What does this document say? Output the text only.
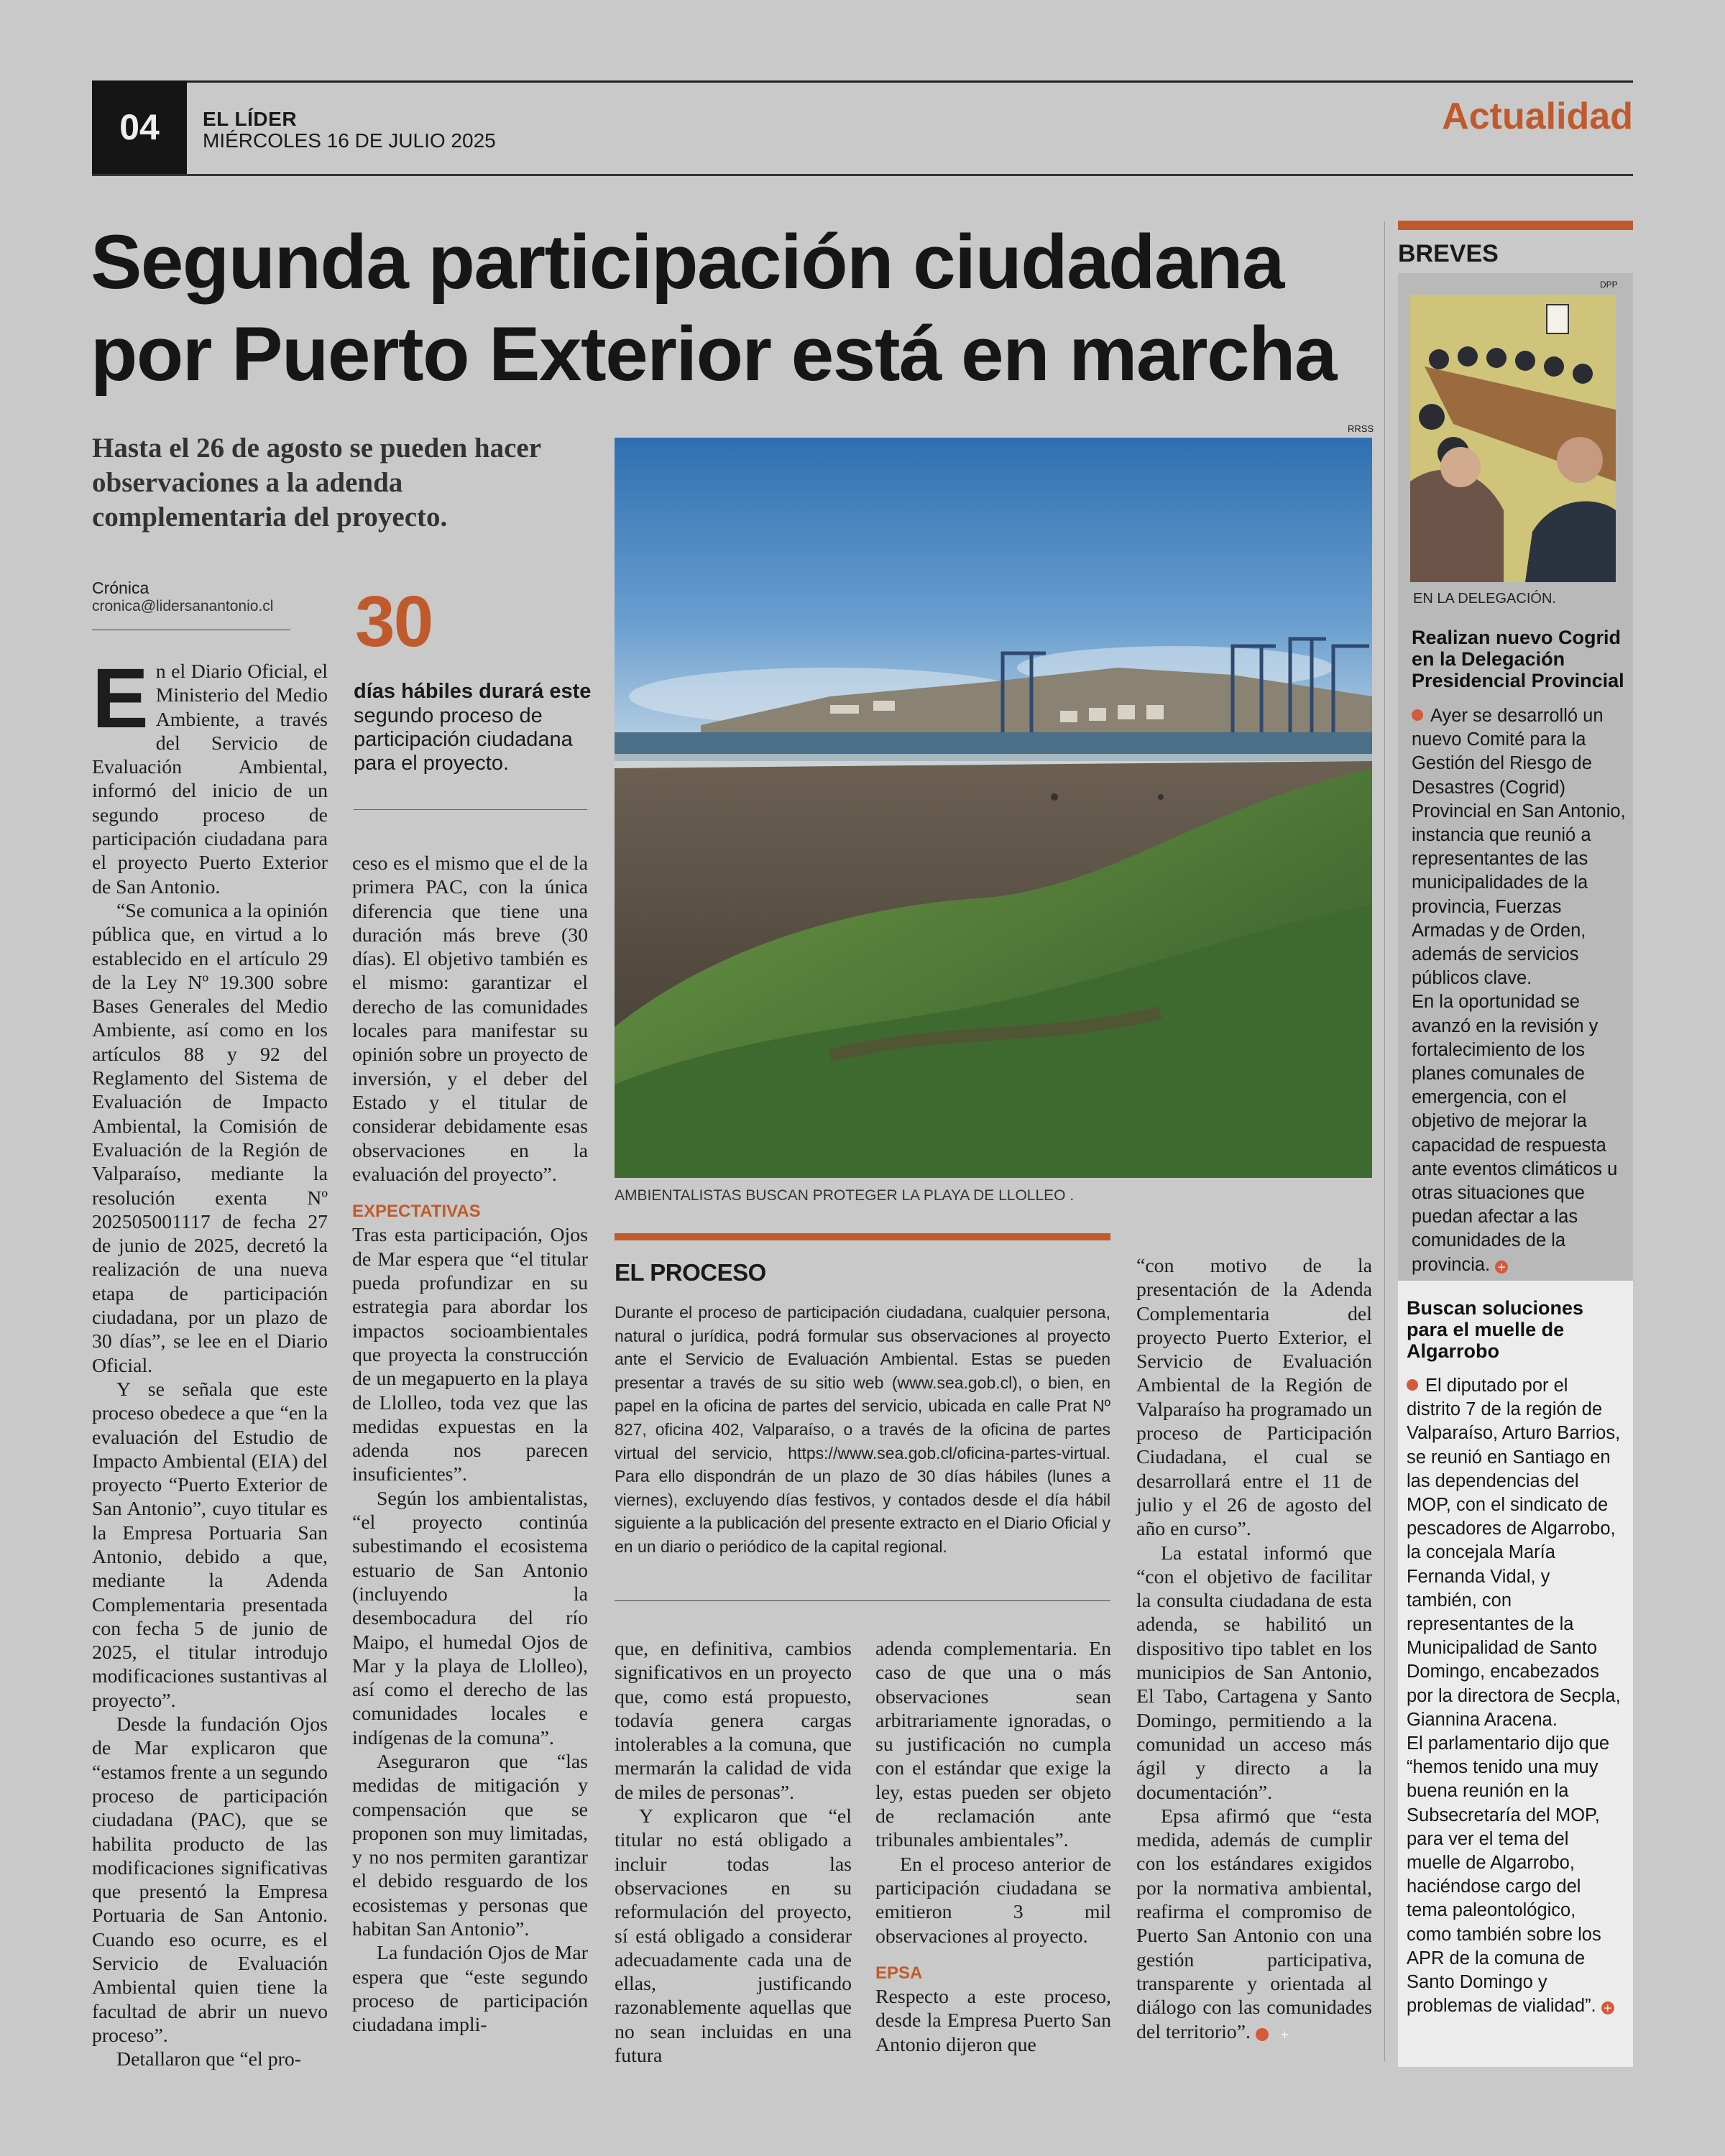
04	EL LÍDER
MIÉRCOLES 16 DE JULIO 2025
Actualidad
Segunda participación ciudadana
por Puerto Exterior está en marcha
Hasta el 26 de agosto se pueden hacer observaciones a la adenda complementaria del proyecto.
Crónica
cronica@lidersanantonio.cl

En el Diario Oficial, el Ministerio del Medio Ambiente, a través del Servicio de Evaluación Ambiental, informó del inicio de un segundo proceso de participación ciudadana para el proyecto Puerto Exterior de San Antonio.

“Se comunica a la opinión pública que, en virtud a lo establecido en el artículo 29 de la Ley Nº 19.300 sobre Bases Generales del Medio Ambiente, así como en los artículos 88 y 92 del Reglamento del Sistema de Evaluación de Impacto Ambiental, la Comisión de Evaluación de la Región de Valparaíso, mediante la resolución exenta Nº 202505001117 de fecha 27 de junio de 2025, decretó la realización de una nueva etapa de participación ciudadana, por un plazo de 30 días”, se lee en el Diario Oficial.

Y se señala que este proceso obedece a que “en la evaluación del Estudio de Impacto Ambiental (EIA) del proyecto “Puerto Exterior de San Antonio”, cuyo titular es la Empresa Portuaria San Antonio, debido a que, mediante la Adenda Complementaria presentada con fecha 5 de junio de 2025, el titular introdujo modificaciones sustantivas al proyecto”.

Desde la fundación Ojos de Mar explicaron que “estamos frente a un segundo proceso de participación ciudadana (PAC), que se habilita producto de las modificaciones significativas que presentó la Empresa Portuaria de San Antonio. Cuando eso ocurre, es el Servicio de Evaluación Ambiental quien tiene la facultad de abrir un nuevo proceso”.

Detallaron que “el pro-

30
días hábiles durará este
segundo proceso de participación ciudadana para el proyecto.

ceso es el mismo que el de la primera PAC, con la única diferencia que tiene una duración más breve (30 días). El objetivo también es el mismo: garantizar el derecho de las comunidades locales para manifestar su opinión sobre un proyecto de inversión, y el deber del Estado y el titular de considerar debidamente esas observaciones en la evaluación del proyecto”.

EXPECTATIVAS

Tras esta participación, Ojos de Mar espera que “el titular pueda profundizar en su estrategia para abordar los impactos socioambientales que proyecta la construcción de un megapuerto en la playa de Llolleo, toda vez que las medidas expuestas en la adenda nos parecen insuficientes”.

Según los ambientalistas, “el proyecto continúa subestimando el ecosistema estuario de San Antonio (incluyendo la desembocadura del río Maipo, el humedal Ojos de Mar y la playa de Llolleo), así como el derecho de las comunidades locales e indígenas de la comuna”.

Aseguraron que “las medidas de mitigación y compensación que se proponen son muy limitadas, y no nos permiten garantizar el debido resguardo de los ecosistemas y personas que habitan San Antonio”.

La fundación Ojos de Mar espera que “este segundo proceso de participación ciudadana impli-

RRSS
AMBIENTALISTAS BUSCAN PROTEGER LA PLAYA DE LLOLLEO .
EL PROCESO
Durante el proceso de participación ciudadana, cualquier persona, natural o jurídica, podrá formular sus observaciones al proyecto ante el Servicio de Evaluación Ambiental. Estas se pueden presentar a través de su sitio web (www.sea.gob.cl), o bien, en papel en la oficina de partes del servicio, ubicada en calle Prat Nº 827, oficina 402, Valparaíso, o a través de la oficina de partes virtual del servicio, https://www.sea.gob.cl/oficina-partes-virtual. Para ello dispondrán de un plazo de 30 días hábiles (lunes a viernes), excluyendo días festivos, y contados desde el día hábil siguiente a la publicación del presente extracto en el Diario Oficial y en un diario o periódico de la capital regional.

que, en definitiva, cambios significativos en un proyecto que, como está propuesto, todavía genera cargas intolerables a la comuna, que mermarán la calidad de vida de miles de personas”.

Y explicaron que “el titular no está obligado a incluir todas las observaciones en su reformulación del proyecto, sí está obligado a considerar adecuadamente cada una de ellas, justificando razonablemente aquellas que no sean incluidas en una futura

adenda complementaria. En caso de que una o más observaciones sean arbitrariamente ignoradas, o su justificación no cumpla con el estándar que exige la ley, estas pueden ser objeto de reclamación ante tribunales ambientales”.

En el proceso anterior de participación ciudadana se emitieron 3 mil observaciones al proyecto.

EPSA

Respecto a este proceso, desde la Empresa Puerto San Antonio dijeron que

“con motivo de la presentación de la Adenda Complementaria del proyecto Puerto Exterior, el Servicio de Evaluación Ambiental de la Región de Valparaíso ha programado un proceso de Participación Ciudadana, el cual se desarrollará entre el 11 de julio y el 26 de agosto del año en curso”.

La estatal informó que “con el objetivo de facilitar la consulta ciudadana de esta adenda, se habilitó un dispositivo tipo tablet en los municipios de San Antonio, El Tabo, Cartagena y Santo Domingo, permitiendo a la comunidad un acceso más ágil y directo a la documentación”.

Epsa afirmó que “esta medida, además de cumplir con los estándares exigidos por la normativa ambiental, reafirma el compromiso de Puerto San Antonio con una gestión participativa, transparente y orientada al diálogo con las comunidades del territorio”.	+

BREVES
DPP
EN LA DELEGACIÓN.
Realizan nuevo Cogrid en la Delegación Presidencial Provincial

Ayer se desarrolló un nuevo Comité para la Gestión del Riesgo de Desastres (Cogrid) Provincial en San Antonio, instancia que reunió a representantes de las municipalidades de la provincia, Fuerzas Armadas y de Orden, además de servicios públicos clave.

En la oportunidad se avanzó en la revisión y fortalecimiento de los planes comunales de emergencia, con el objetivo de mejorar la capacidad de respuesta ante eventos climáticos u otras situaciones que puedan afectar a las comunidades de la provincia. +

Buscan soluciones para el muelle de Algarrobo

El diputado por el distrito 7 de la región de Valparaíso, Arturo Barrios, se reunió en Santiago en las dependencias del MOP, con el sindicato de pescadores de Algarrobo, la concejala María Fernanda Vidal, y también, con representantes de la Municipalidad de Santo Domingo, encabezados por la directora de Secpla, Giannina Aracena.

El parlamentario dijo que “hemos tenido una muy buena reunión en la Subsecretaría del MOP, para ver el tema del muelle de Algarrobo, haciéndose cargo del tema paleontológico, como también sobre los APR de la comuna de Santo Domingo y problemas de vialidad”. +
